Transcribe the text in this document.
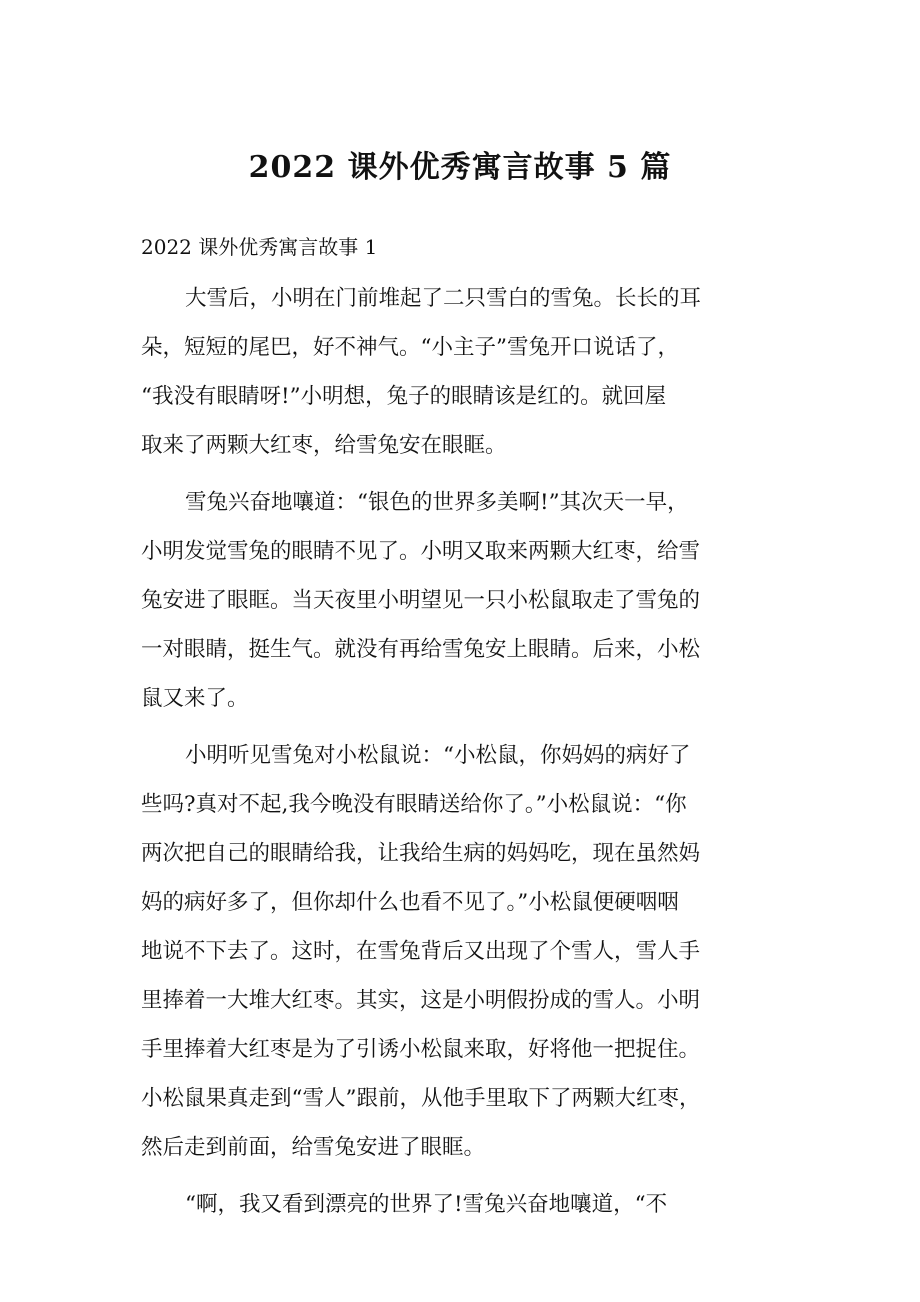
2022 课外优秀寓言故事 5 篇
2022 课外优秀寓言故事 1
大雪后，小明在门前堆起了二只雪白的雪兔。长长的耳
朵，短短的尾巴，好不神气。“小主子”雪兔开口说话了，
“我没有眼睛呀!”小明想，兔子的眼睛该是红的。就回屋
取来了两颗大红枣，给雪兔安在眼眶。
雪兔兴奋地嚷道：“银色的世界多美啊!”其次天一早，
小明发觉雪兔的眼睛不见了。小明又取来两颗大红枣，给雪
兔安进了眼眶。当天夜里小明望见一只小松鼠取走了雪兔的
一对眼睛，挺生气。就没有再给雪兔安上眼睛。后来，小松
鼠又来了。
小明听见雪兔对小松鼠说：“小松鼠，你妈妈的病好了
些吗?真对不起,我今晚没有眼睛送给你了。”小松鼠说：“你
两次把自己的眼睛给我，让我给生病的妈妈吃，现在虽然妈
妈的病好多了，但你却什么也看不见了。”小松鼠便硬咽咽
地说不下去了。这时，在雪兔背后又出现了个雪人，雪人手
里捧着一大堆大红枣。其实，这是小明假扮成的雪人。小明
手里捧着大红枣是为了引诱小松鼠来取，好将他一把捉住。
小松鼠果真走到“雪人”跟前，从他手里取下了两颗大红枣，
然后走到前面，给雪兔安进了眼眶。
“啊，我又看到漂亮的世界了!雪兔兴奋地嚷道，“不
